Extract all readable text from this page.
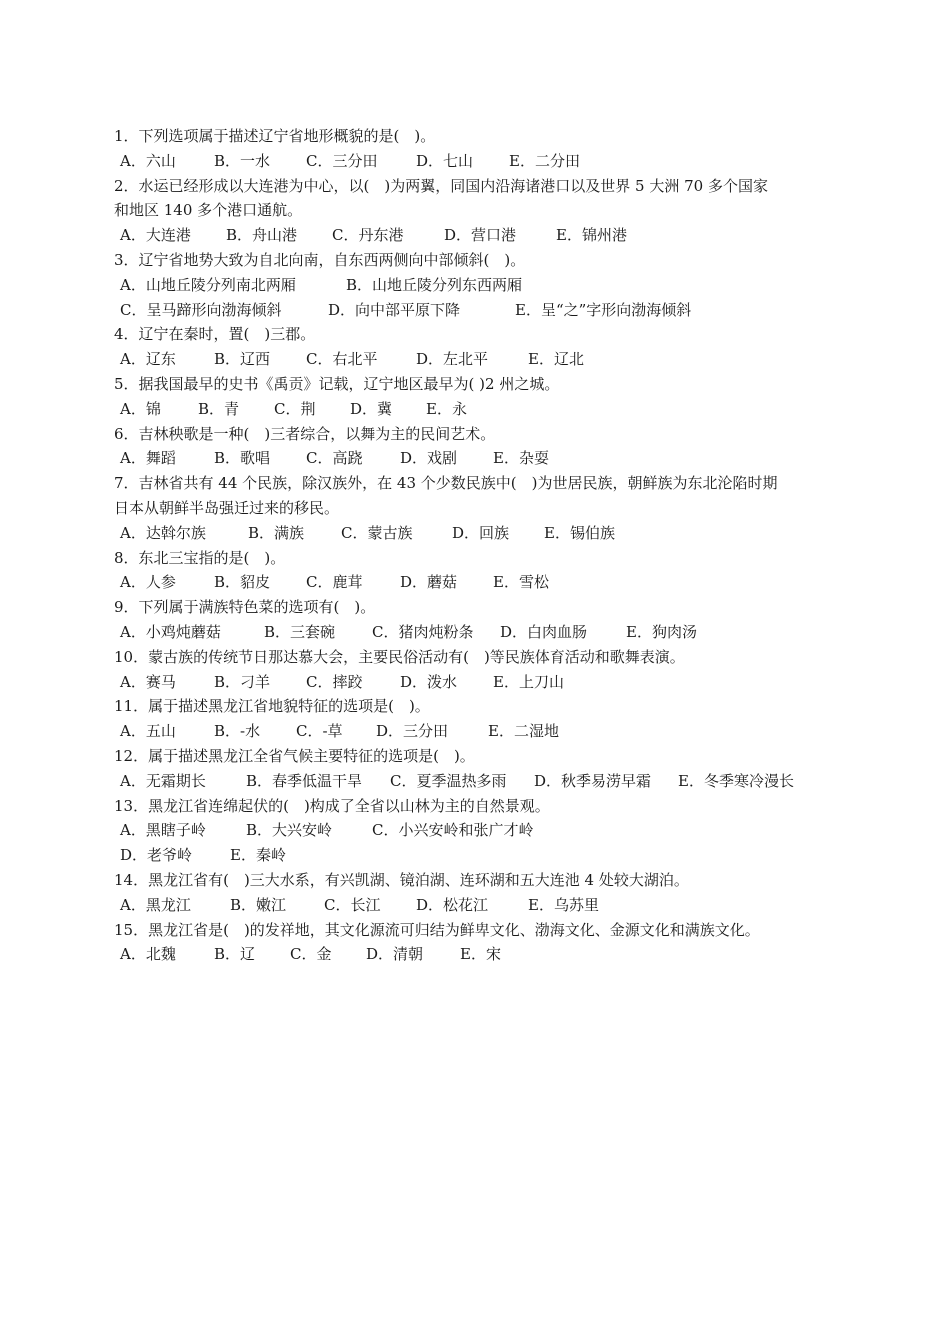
1．下列选项属于描述辽宁省地形概貌的是(　)。
A．六山	B．一水 C．三分田	D．七山 E．二分田
2．水运已经形成以大连港为中心，以(　)为两翼，同国内沿海诸港口以及世界 5 大洲 70 多个国家
和地区 140 多个港口通航。
A．大连港 B．舟山港 C．丹东港	D．营口港	E．锦州港
3．辽宁省地势大致为自北向南，自东西两侧向中部倾斜(　)。
A．山地丘陵分列南北两厢	B．山地丘陵分列东西两厢
C．呈马蹄形向渤海倾斜	D．向中部平原下降	E．呈“之”字形向渤海倾斜
4．辽宁在秦时，置(　)三郡。
A．辽东	B．辽西 C．右北平	D．左北平	E．辽北
5．据我国最早的史书《禹贡》记载，辽宁地区最早为( )2 州之城。
A．锦 B．青 C．荆 D．冀 E．永
6．吉林秧歌是一种(　)三者综合，以舞为主的民间艺术。
A．舞蹈	B．歌唱 C．高跷	D．戏剧 E．杂耍
7．吉林省共有 44 个民族，除汉族外，在 43 个少数民族中(　)为世居民族，朝鲜族为东北沦陷时期
日本从朝鲜半岛强迁过来的移民。
A．达斡尔族	B．满族 C．蒙古族	D．回族 E．锡伯族
8．东北三宝指的是(　)。
A．人参	B．貂皮 C．鹿茸	D．蘑菇 E．雪松
9．下列属于满族特色菜的选项有(　)。
A．小鸡炖蘑菇	B．三套碗 C．猪肉炖粉条 D．白肉血肠	E．狗肉汤
10．蒙古族的传统节日那达慕大会，主要民俗活动有(　)等民族体育活动和歌舞表演。
A．赛马	B．刁羊 C．摔跤	D．泼水 E．上刀山
11．属于描述黑龙江省地貌特征的选项是(　)。
A．五山	B．-水 C．-草 D．三分田	E．二湿地
12．属于描述黑龙江全省气候主要特征的选项是(　)。
A．无霜期长	B．春季低温干旱 C．夏季温热多雨 D．秋季易涝早霜 E．冬季寒冷漫长
13．黑龙江省连绵起伏的(　)构成了全省以山林为主的自然景观。
A．黑瞎子岭	B．大兴安岭	C．小兴安岭和张广才岭
D．老爷岭	E．秦岭
14．黑龙江省有(　)三大水系，有兴凯湖、镜泊湖、连环湖和五大连池 4 处较大湖泊。
A．黑龙江	B．嫩江	C．长江 D．松花江	E．乌苏里
15．黑龙江省是(　)的发祥地，其文化源流可归结为鲜卑文化、渤海文化、金源文化和满族文化。
A．北魏	B．辽 C．金 D．清朝 E．宋
